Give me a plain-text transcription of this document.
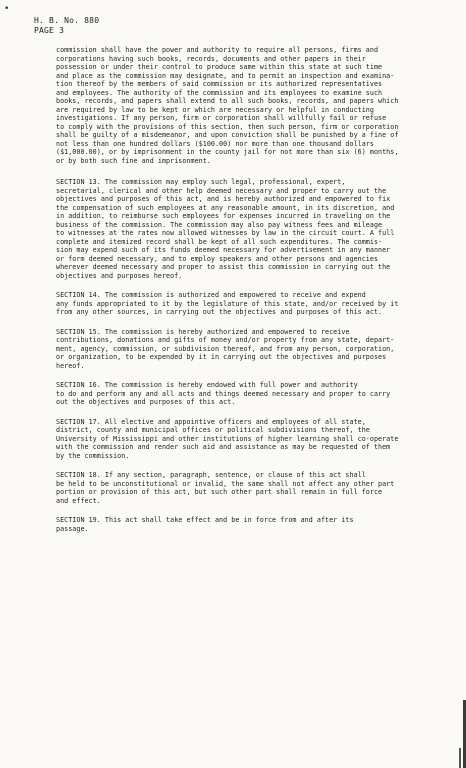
•
H. B. No. 880
PAGE 3

commission shall have the power and authority to require all persons, firms and
corporations having such books, records, documents and other papers in their
possession or under their control to produce same within this state at such time
and place as the commission may designate, and to permit an inspection and examina-
tion thereof by the members of said commission or its authorized representatives
and employees. The authority of the commission and its employees to examine such
books, records, and papers shall extend to all such books, records, and papers which
are required by law to be kept or which are necessary or helpful in conducting
investigations. If any person, firm or corporation shall willfully fail or refuse
to comply with the provisions of this section, then such person, firm or corporation
shall be guilty of a misdemeanor, and upon conviction shall be punished by a fine of
not less than one hundred dollars ($100.00) nor more than one thousand dollars
($1,000.00), or by imprisonment in the county jail for not more than six (6) months,
or by both such fine and imprisonment.

SECTION 13. The commission may employ such legal, professional, expert,
secretarial, clerical and other help deemed necessary and proper to carry out the
objectives and purposes of this act, and is hereby authorized and empowered to fix
the compensation of such employees at any reasonable amount, in its discretion, and
in addition, to reimburse such employees for expenses incurred in traveling on the
business of the commission. The commission may also pay witness fees and mileage
to witnesses at the rates now allowed witnesses by law in the circuit court. A full
complete and itemized record shall be kept of all such expenditures. The commis-
sion may expend such of its funds deemed necessary for advertisement in any manner
or form deemed necessary, and to employ speakers and other persons and agencies
wherever deemed necessary and proper to assist this commission in carrying out the
objectives and purposes hereof.

SECTION 14. The commission is authorized and empowered to receive and expend
any funds appropriated to it by the legislature of this state, and/or received by it
from any other sources, in carrying out the objectives and purposes of this act.

SECTION 15. The commission is hereby authorized and empowered to receive
contributions, donations and gifts of money and/or property from any state, depart-
ment, agency, commission, or subdivision thereof, and from any person, corporation,
or organization, to be expended by it in carrying out the objectives and purposes
hereof.

SECTION 16. The commission is hereby endowed with full power and authority
to do and perform any and all acts and things deemed necessary and proper to carry
out the objectives and purposes of this act.

SECTION 17. All elective and appointive officers and employees of all state,
district, county and municipal offices or political subdivisions thereof, the
University of Mississippi and other institutions of higher learning shall co-operate
with the commission and render such aid and assistance as may be requested of them
by the commission.

SECTION 18. If any section, paragraph, sentence, or clause of this act shall
be held to be unconstitutional or invalid, the same shall not affect any other part
portion or provision of this act, but such other part shall remain in full force
and effect.

SECTION 19. This act shall take effect and be in force from and after its
passage.
